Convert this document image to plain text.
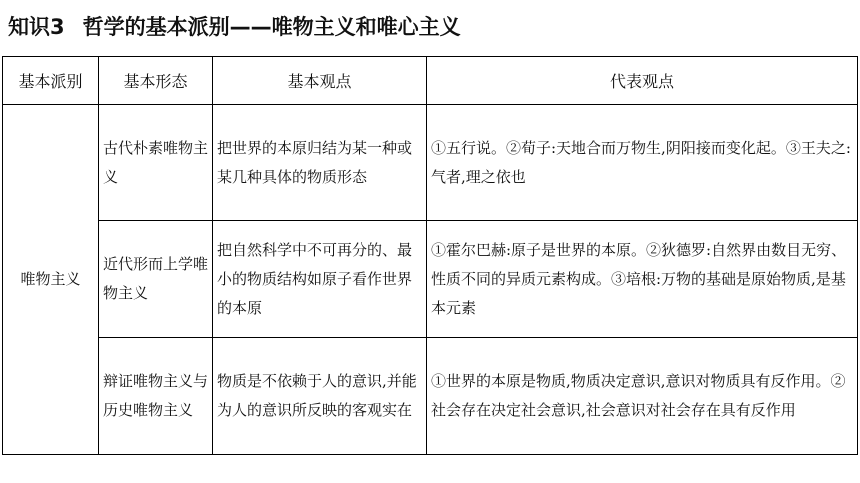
知识3 哲学的基本派别——唯物主义和唯心主义
基本派别	基本形态	基本观点	代表观点
唯物主义	古代朴素唯物主义	把世界的本原归结为某一种或某几种具体的物质形态	①五行说。②荀子:天地合而万物生,阴阳接而变化起。③王夫之:气者,理之依也
	近代形而上学唯物主义	把自然科学中不可再分的、最小的物质结构如原子看作世界的本原	①霍尔巴赫:原子是世界的本原。②狄德罗:自然界由数目无穷、性质不同的异质元素构成。③培根:万物的基础是原始物质,是基本元素
	辩证唯物主义与历史唯物主义	物质是不依赖于人的意识,并能为人的意识所反映的客观实在	①世界的本原是物质,物质决定意识,意识对物质具有反作用。②社会存在决定社会意识,社会意识对社会存在具有反作用
